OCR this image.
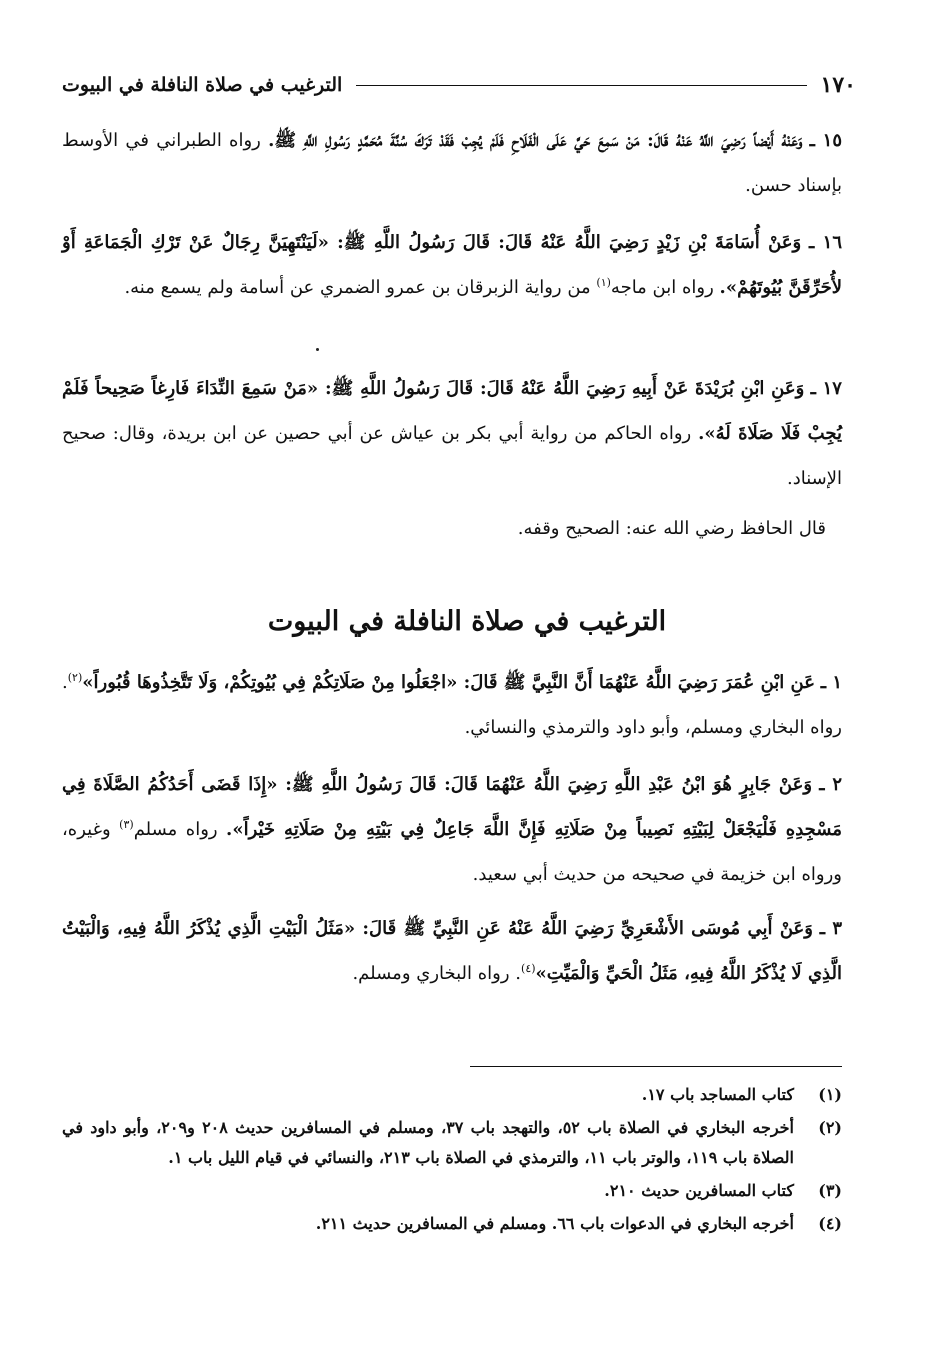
١٧٠
الترغيب في صلاة النافلة في البيوت
١٥ ـ وَعَنْهُ أَيْضاً رَضِيَ اللَّهُ عَنْهُ قَالَ: مَنْ سَمِعَ حَيَّ عَلَى الْفَلَاحِ فَلَمْ يُجِبْ فَقَدْ تَرَكَ سُنَّةَ مُحَمَّدٍ رَسُولِ اللَّهِ ﷺ. رواه الطبراني في الأوسط بإسناد حسن.
١٦ ـ وَعَنْ أُسَامَةَ بْنِ زَيْدٍ رَضِيَ اللَّهُ عَنْهُ قَالَ: قَالَ رَسُولُ اللَّهِ ﷺ: «لَيَنْتَهِيَنَّ رِجَالٌ عَنْ تَرْكِ الْجَمَاعَةِ أَوْ لأُحَرِّقَنَّ بُيُوتَهُمْ». رواه ابن ماجه$^{(١)}$ من رواية الزبرقان بن عمرو الضمري عن أسامة ولم يسمع منه.
١٧ ـ وَعَنِ ابْنِ بُرَيْدَةَ عَنْ أَبِيهِ رَضِيَ اللَّهُ عَنْهُ قَالَ: قَالَ رَسُولُ اللَّهِ ﷺ: «مَنْ سَمِعَ النِّدَاءَ فَارِغاً صَحِيحاً فَلَمْ يُجِبْ فَلَا صَلَاةَ لَهُ». رواه الحاكم من رواية أبي بكر بن عياش عن أبي حصين عن ابن بريدة، وقال: صحيح الإسناد.
قال الحافظ رضي الله عنه: الصحيح وقفه.
الترغيب في صلاة النافلة في البيوت
١ ـ عَنِ ابْنِ عُمَرَ رَضِيَ اللَّهُ عَنْهُمَا أَنَّ النَّبِيَّ ﷺ قَالَ: «اجْعَلُوا مِنْ صَلَاتِكُمْ فِي بُيُوتِكُمْ، وَلَا تَتَّخِذُوهَا قُبُوراً»$^{(٢)}$. رواه البخاري ومسلم، وأبو داود والترمذي والنسائي.
٢ ـ وَعَنْ جَابِرٍ هُوَ ابْنُ عَبْدِ اللَّهِ رَضِيَ اللَّهُ عَنْهُمَا قَالَ: قَالَ رَسُولُ اللَّهِ ﷺ: «إِذَا قَضَى أَحَدُكُمُ الصَّلَاةَ فِي مَسْجِدِهِ فَلْيَجْعَلْ لِبَيْتِهِ نَصِيباً مِنْ صَلَاتِهِ فَإِنَّ اللَّهَ جَاعِلٌ فِي بَيْتِهِ مِنْ صَلَاتِهِ خَيْراً». رواه مسلم$^{(٣)}$ وغيره، ورواه ابن خزيمة في صحيحه من حديث أبي سعيد.
٣ ـ وَعَنْ أَبِي مُوسَى الأَشْعَرِيِّ رَضِيَ اللَّهُ عَنْهُ عَنِ النَّبِيِّ ﷺ قَالَ: «مَثَلُ الْبَيْتِ الَّذِي يُذْكَرُ اللَّهُ فِيهِ، وَالْبَيْتُ الَّذِي لَا يُذْكَرُ اللَّهُ فِيهِ، مَثَلُ الْحَيِّ وَالْمَيِّتِ»$^{(٤)}$. رواه البخاري ومسلم.
(١)
كتاب المساجد باب ١٧.
(٢)
أخرجه البخاري في الصلاة باب ٥٢، والتهجد باب ٣٧، ومسلم في المسافرين حديث ٢٠٨ و٢٠٩، وأبو داود في الصلاة باب ١١٩، والوتر باب ١١، والترمذي في الصلاة باب ٢١٣، والنسائي في قيام الليل باب ١.
(٣)
كتاب المسافرين حديث ٢١٠.
(٤)
أخرجه البخاري في الدعوات باب ٦٦. ومسلم في المسافرين حديث ٢١١.
